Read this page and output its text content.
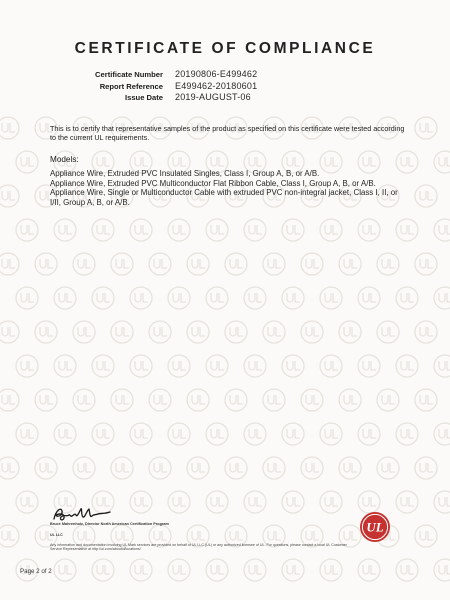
CERTIFICATE OF COMPLIANCE
Certificate Number	20190806-E499462
Report Reference	E499462-20180601
Issue Date	2019-AUGUST-06
This is to certify that representative samples of the product as specified on this certificate were tested according to the current UL requirements.
Models:

Appliance Wire, Extruded PVC Insulated Singles, Class I, Group A, B, or A/B.

Appliance Wire, Extruded PVC Multiconductor Flat Ribbon Cable, Class I, Group A, B, or A/B.

Appliance Wire, Single or Multiconductor Cable with extruded PVC non-integral jacket, Class I, II, or I/II, Group A, B, or A/B.

Bruce Mahrenholz, Director North American Certification Program
UL LLC
Any information and documentation involving UL Mark services are provided on behalf of UL LLC (UL) or any authorized licensee of UL. For questions, please contact a local UL Customer Service Representative at http://ul.com/aboutul/locations/
UL
Page 2 of 2
